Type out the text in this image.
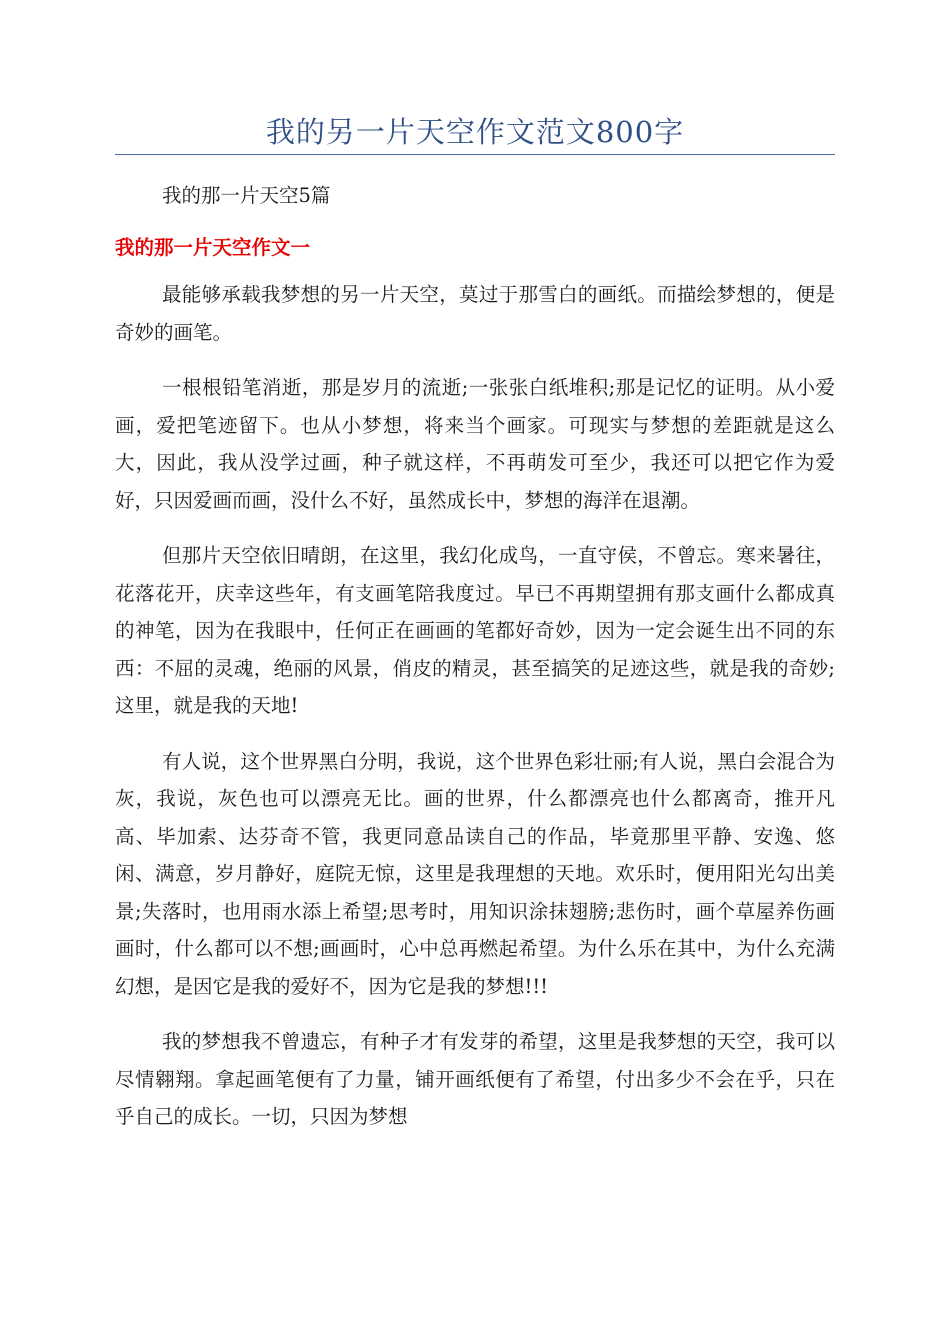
我的另一片天空作文范文800字
我的那一片天空5篇
我的那一片天空作文一

最能够承载我梦想的另一片天空，莫过于那雪白的画纸。而描绘梦想的，便是奇妙的画笔。

一根根铅笔消逝，那是岁月的流逝;一张张白纸堆积;那是记忆的证明。从小爱画，爱把笔迹留下。也从小梦想，将来当个画家。可现实与梦想的差距就是这么大，因此，我从没学过画，种子就这样，不再萌发可至少，我还可以把它作为爱好，只因爱画而画，没什么不好，虽然成长中，梦想的海洋在退潮。

但那片天空依旧晴朗，在这里，我幻化成鸟，一直守侯，不曾忘。寒来暑往，花落花开，庆幸这些年，有支画笔陪我度过。早已不再期望拥有那支画什么都成真的神笔，因为在我眼中，任何正在画画的笔都好奇妙，因为一定会诞生出不同的东西：不屈的灵魂，绝丽的风景，俏皮的精灵，甚至搞笑的足迹这些，就是我的奇妙;这里，就是我的天地!

有人说，这个世界黑白分明，我说，这个世界色彩壮丽;有人说，黑白会混合为灰，我说，灰色也可以漂亮无比。画的世界，什么都漂亮也什么都离奇，推开凡高、毕加索、达芬奇不管，我更同意品读自己的作品，毕竟那里平静、安逸、悠闲、满意，岁月静好，庭院无惊，这里是我理想的天地。欢乐时，便用阳光勾出美景;失落时，也用雨水添上希望;思考时，用知识涂抹翅膀;悲伤时，画个草屋养伤画画时，什么都可以不想;画画时，心中总再燃起希望。为什么乐在其中，为什么充满幻想，是因它是我的爱好不，因为它是我的梦想!!!

我的梦想我不曾遗忘，有种子才有发芽的希望，这里是我梦想的天空，我可以尽情翱翔。拿起画笔便有了力量，铺开画纸便有了希望，付出多少不会在乎，只在乎自己的成长。一切，只因为梦想
